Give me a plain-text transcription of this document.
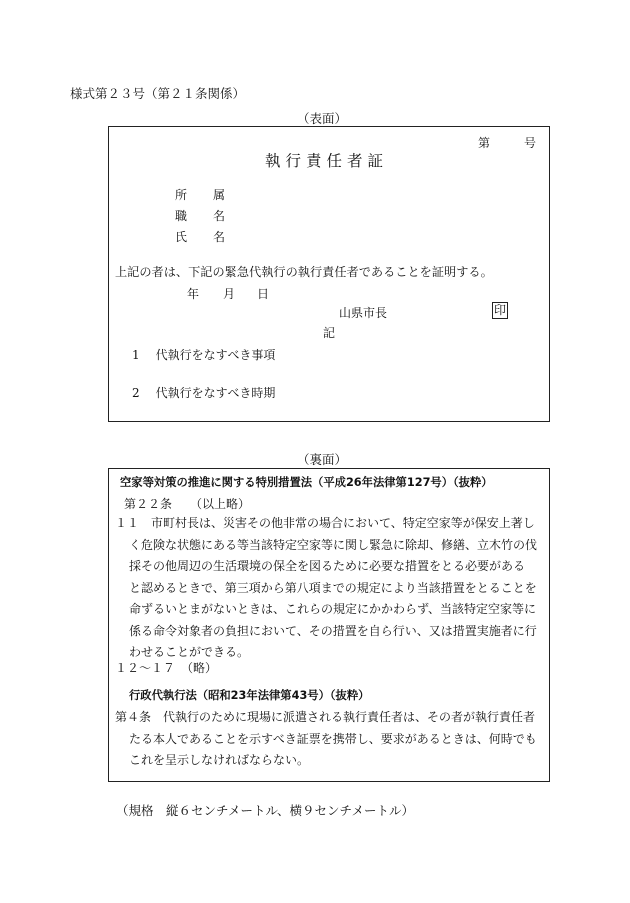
様式第２３号（第２１条関係）
（表面）
第	号
執行責任者証
所 属
職 名
氏 名
上記の者は、下記の緊急代執行の執行責任者であることを証明する。
年 月 日
山県市長	印
記
1 代執行をなすべき事項
2 代執行をなすべき時期
（裏面）
空家等対策の推進に関する特別措置法（平成26年法律第127号）（抜粋）
第２２条　　（以上略）
１１　市町村長は、災害その他非常の場合において、特定空家等が保安上著し
く危険な状態にある等当該特定空家等に関し緊急に除却、修繕、立木竹の伐
採その他周辺の生活環境の保全を図るために必要な措置をとる必要がある
と認めるときで、第三項から第八項までの規定により当該措置をとることを
命ずるいとまがないときは、これらの規定にかかわらず、当該特定空家等に
係る命令対象者の負担において、その措置を自ら行い、又は措置実施者に行
わせることができる。
１２～１７　（略）
行政代執行法（昭和23年法律第43号）（抜粋）
第４条　代執行のために現場に派遣される執行責任者は、その者が執行責任者
たる本人であることを示すべき証票を携帯し、要求があるときは、何時でも
これを呈示しなければならない。
（規格　縦６センチメートル、横９センチメートル）
